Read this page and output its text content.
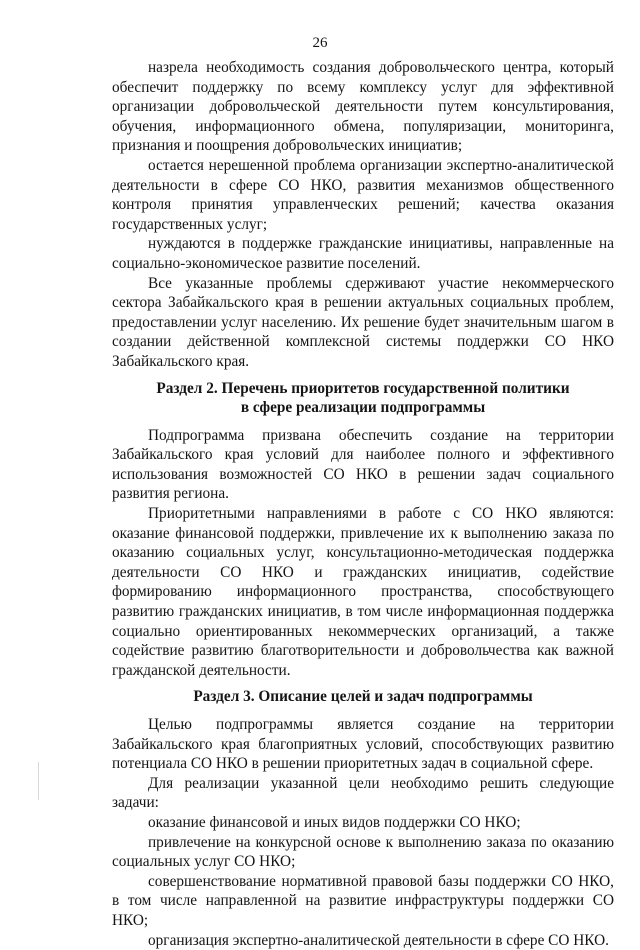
26

назрела необходимость создания добровольческого центра, который обеспечит поддержку по всему комплексу услуг для эффективной организации добровольческой деятельности путем консультирования, обучения, информационного обмена, популяризации, мониторинга, признания и поощрения добровольческих инициатив;

остается нерешенной проблема организации экспертно-аналитической деятельности в сфере СО НКО, развития механизмов общественного контроля принятия управленческих решений; качества оказания государственных услуг;

нуждаются в поддержке гражданские инициативы, направленные на социально-экономическое развитие поселений.

Все указанные проблемы сдерживают участие некоммерческого сектора Забайкальского края в решении актуальных социальных проблем, предоставлении услуг населению. Их решение будет значительным шагом в создании действенной комплексной системы поддержки СО НКО Забайкальского края.

Раздел 2. Перечень приоритетов государственной политики
в сфере реализации подпрограммы

Подпрограмма призвана обеспечить создание на территории Забайкальского края условий для наиболее полного и эффективного использования возможностей СО НКО в решении задач социального развития региона.

Приоритетными направлениями в работе с СО НКО являются: оказание финансовой поддержки, привлечение их к выполнению заказа по оказанию социальных услуг, консультационно-методическая поддержка деятельности СО НКО и гражданских инициатив, содействие формированию информационного пространства, способствующего развитию гражданских инициатив, в том числе информационная поддержка социально ориентированных некоммерческих организаций, а также содействие развитию благотворительности и добровольчества как важной гражданской деятельности.

Раздел 3. Описание целей и задач подпрограммы

Целью подпрограммы является создание на территории Забайкальского края благоприятных условий, способствующих развитию потенциала СО НКО в решении приоритетных задач в социальной сфере.

Для реализации указанной цели необходимо решить следующие задачи:

оказание финансовой и иных видов поддержки СО НКО;

привлечение на конкурсной основе к выполнению заказа по оказанию социальных услуг СО НКО;

совершенствование нормативной правовой базы поддержки СО НКО, в том числе направленной на развитие инфраструктуры поддержки СО НКО;

организация экспертно-аналитической деятельности в сфере СО НКО.
